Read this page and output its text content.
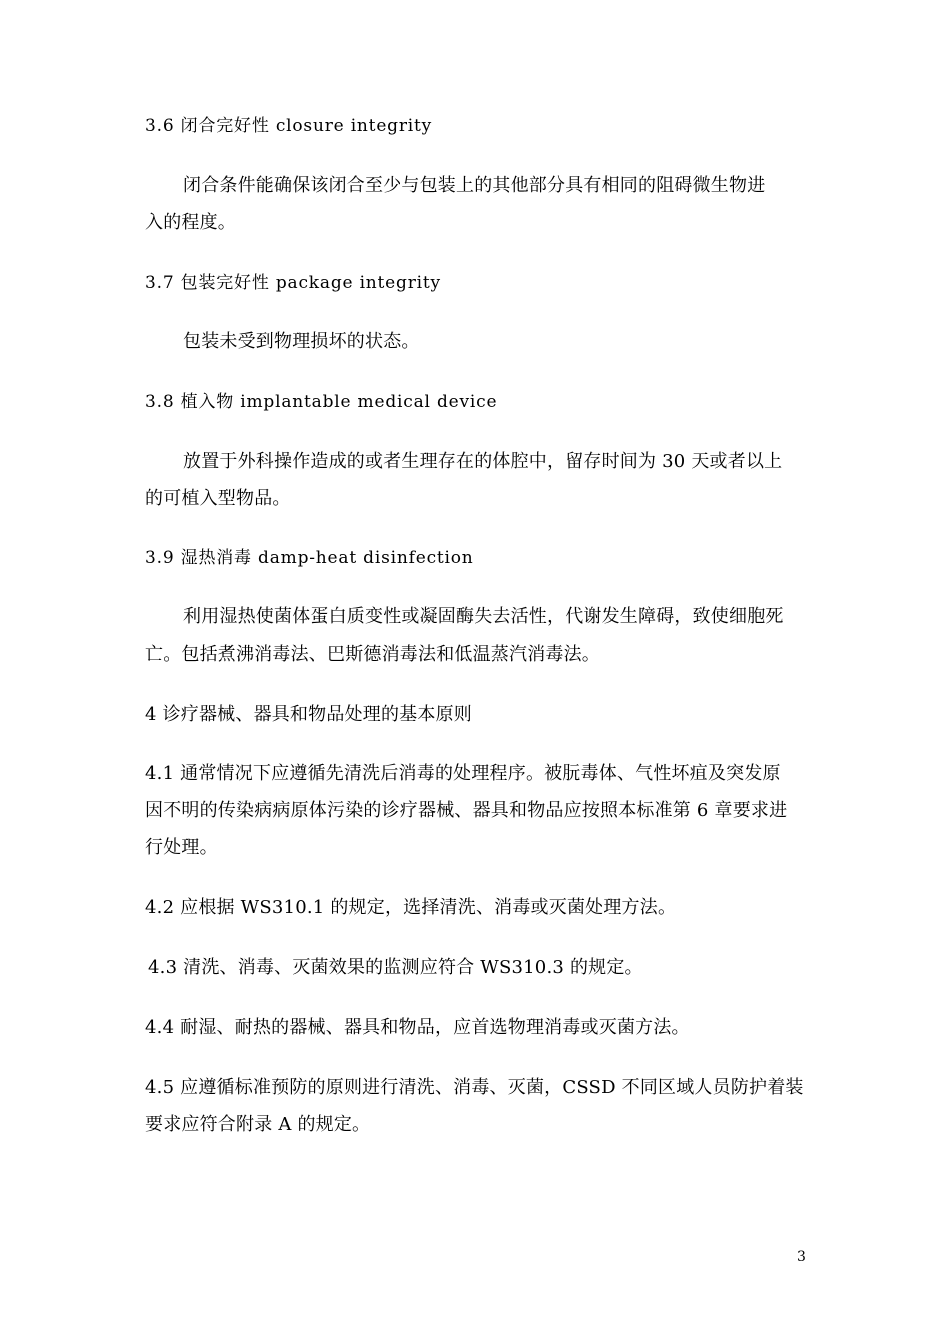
3.6 闭合完好性 closure integrity
闭合条件能确保该闭合至少与包装上的其他部分具有相同的阻碍微生物进
入的程度。
3.7 包装完好性 package integrity
包装未受到物理损坏的状态。
3.8 植入物 implantable medical device
放置于外科操作造成的或者生理存在的体腔中，留存时间为 30 天或者以上
的可植入型物品。
3.9 湿热消毒 damp-heat disinfection
利用湿热使菌体蛋白质变性或凝固酶失去活性，代谢发生障碍，致使细胞死
亡。包括煮沸消毒法、巴斯德消毒法和低温蒸汽消毒法。
4 诊疗器械、器具和物品处理的基本原则
4.1 通常情况下应遵循先清洗后消毒的处理程序。被朊毒体、气性坏疽及突发原
因不明的传染病病原体污染的诊疗器械、器具和物品应按照本标准第 6 章要求进
行处理。
4.2 应根据 WS310.1 的规定，选择清洗、消毒或灭菌处理方法。
4.3 清洗、消毒、灭菌效果的监测应符合 WS310.3 的规定。
4.4 耐湿、耐热的器械、器具和物品，应首选物理消毒或灭菌方法。
4.5 应遵循标准预防的原则进行清洗、消毒、灭菌，CSSD 不同区域人员防护着装
要求应符合附录 A 的规定。
3
